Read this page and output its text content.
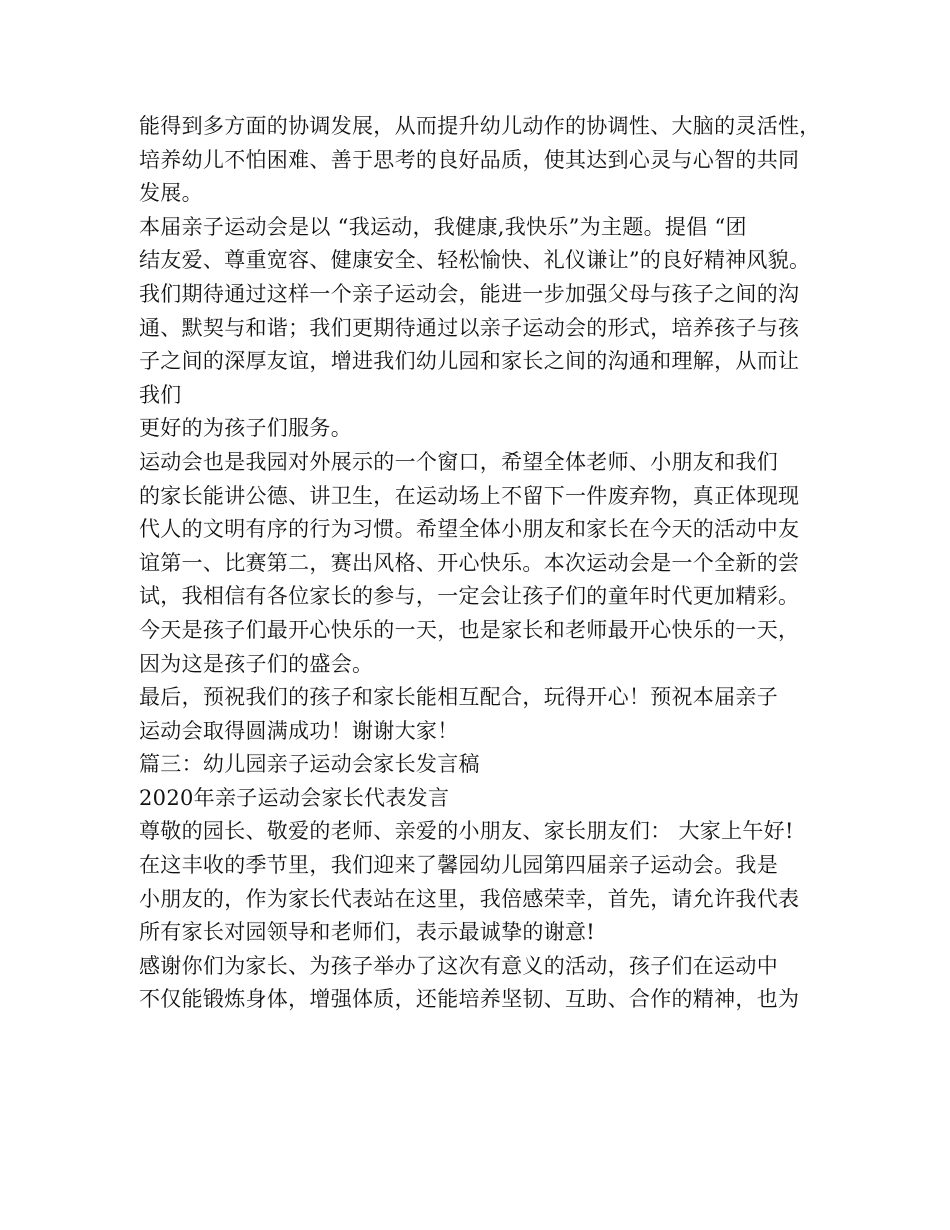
能得到多方面的协调发展，从而提升幼儿动作的协调性、大脑的灵活性，
培养幼儿不怕困难、善于思考的良好品质，使其达到心灵与心智的共同
发展。
本届亲子运动会是以 “我运动，我健康,我快乐”为主题。提倡 “团
结友爱、尊重宽容、健康安全、轻松愉快、礼仪谦让”的良好精神风貌。
我们期待通过这样一个亲子运动会，能进一步加强父母与孩子之间的沟
通、默契与和谐；我们更期待通过以亲子运动会的形式，培养孩子与孩
子之间的深厚友谊，增进我们幼儿园和家长之间的沟通和理解，从而让
我们
更好的为孩子们服务。
运动会也是我园对外展示的一个窗口，希望全体老师、小朋友和我们
的家长能讲公德、讲卫生，在运动场上不留下一件废弃物，真正体现现
代人的文明有序的行为习惯。希望全体小朋友和家长在今天的活动中友
谊第一、比赛第二，赛出风格、开心快乐。本次运动会是一个全新的尝
试，我相信有各位家长的参与，一定会让孩子们的童年时代更加精彩。
今天是孩子们最开心快乐的一天，也是家长和老师最开心快乐的一天，
因为这是孩子们的盛会。
最后，预祝我们的孩子和家长能相互配合，玩得开心！预祝本届亲子
运动会取得圆满成功！谢谢大家！
篇三：幼儿园亲子运动会家长发言稿
2020年亲子运动会家长代表发言
尊敬的园长、敬爱的老师、亲爱的小朋友、家长朋友们： 大家上午好!
在这丰收的季节里，我们迎来了馨园幼儿园第四届亲子运动会。我是
小朋友的，作为家长代表站在这里，我倍感荣幸，首先，请允许我代表
所有家长对园领导和老师们，表示最诚挚的谢意!
感谢你们为家长、为孩子举办了这次有意义的活动，孩子们在运动中
不仅能锻炼身体，增强体质，还能培养坚韧、互助、合作的精神，也为
